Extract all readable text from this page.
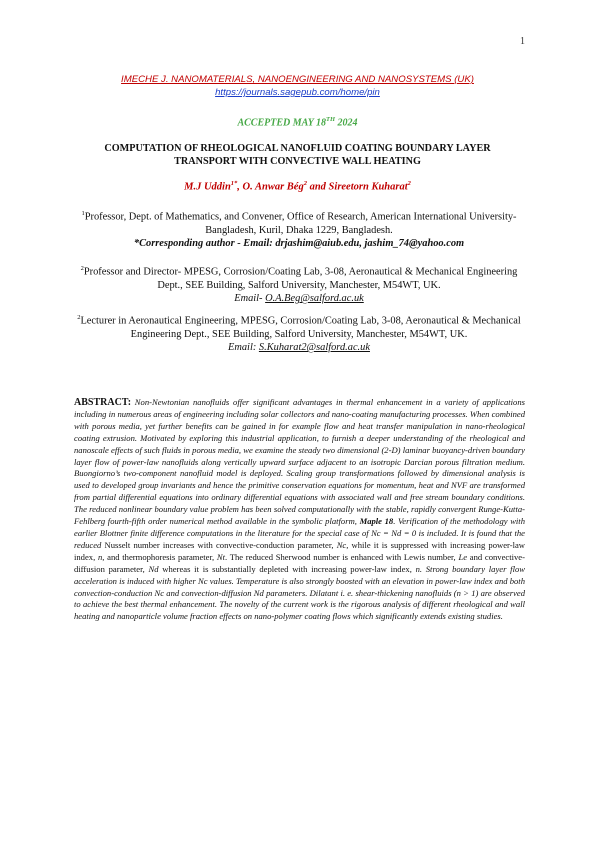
1
IMECHE J. NANOMATERIALS, NANOENGINEERING AND NANOSYSTEMS (UK)
https://journals.sagepub.com/home/pin
ACCEPTED MAY 18TH 2024
COMPUTATION OF RHEOLOGICAL NANOFLUID COATING BOUNDARY LAYER
TRANSPORT WITH CONVECTIVE WALL HEATING
M.J Uddin$^{1*}$, O. Anwar Bég$^2$ and Sireetorn Kuharat$^2$
$^1$Professor, Dept. of Mathematics, and Convener, Office of Research, American International University-Bangladesh, Kuril, Dhaka 1229, Bangladesh.
*Corresponding author - Email: drjashim@aiub.edu, jashim_74@yahoo.com
$^2$Professor and Director- MPESG, Corrosion/Coating Lab, 3-08, Aeronautical & Mechanical Engineering Dept., SEE Building, Salford University, Manchester, M54WT, UK.
Email- O.A.Beg@salford.ac.uk
$^2$Lecturer in Aeronautical Engineering, MPESG, Corrosion/Coating Lab, 3-08, Aeronautical & Mechanical Engineering Dept., SEE Building, Salford University, Manchester, M54WT, UK.
Email: S.Kuharat2@salford.ac.uk
ABSTRACT: Non-Newtonian nanofluids offer significant advantages in thermal enhancement in a variety of applications including in numerous areas of engineering including solar collectors and nano-coating manufacturing processes. When combined with porous media, yet further benefits can be gained in for example flow and heat transfer manipulation in nano-rheological coating extrusion. Motivated by exploring this industrial application, to furnish a deeper understanding of the rheological and nanoscale effects of such fluids in porous media, we examine the steady two dimensional (2-D) laminar buoyancy-driven boundary layer flow of power-law nanofluids along vertically upward surface adjacent to an isotropic Darcian porous filtration medium. Buongiorno’s two-component nanofluid model is deployed. Scaling group transformations followed by dimensional analysis is used to developed group invariants and hence the primitive conservation equations for momentum, heat and NVF are transformed from partial differential equations into ordinary differential equations with associated wall and free stream boundary conditions. The reduced nonlinear boundary value problem has been solved computationally with the stable, rapidly convergent Runge-Kutta-Fehlberg fourth-fifth order numerical method available in the symbolic platform, Maple 18. Verification of the methodology with earlier Blottner finite difference computations in the literature for the special case of Nc = Nd = 0 is included. It is found that the reduced Nusselt number increases with convective-conduction parameter, Nc, while it is suppressed with increasing power-law index, n, and thermophoresis parameter, Nt. The reduced Sherwood number is enhanced with Lewis number, Le and convective-diffusion parameter, Nd whereas it is substantially depleted with increasing power-law index, n. Strong boundary layer flow acceleration is induced with higher Nc values. Temperature is also strongly boosted with an elevation in power-law index and both convection-conduction Nc and convection-diffusion Nd parameters. Dilatant i. e. shear-thickening nanofluids (n > 1) are observed to achieve the best thermal enhancement. The novelty of the current work is the rigorous analysis of different rheological and wall heating and nanoparticle volume fraction effects on nano-polymer coating flows which significantly extends existing studies.
